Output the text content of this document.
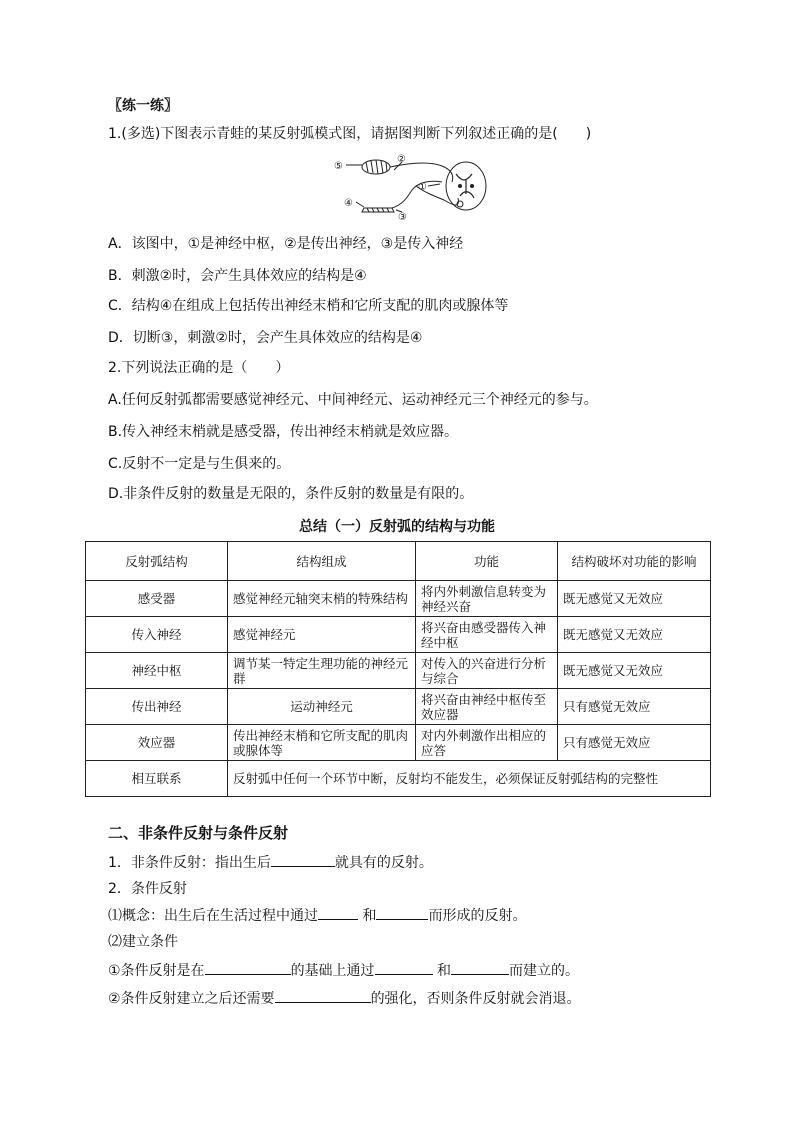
〖练一练〗
1.(多选)下图表示青蛙的某反射弧模式图，请据图判断下列叙述正确的是(　　)
⑤
②
①
④
③
A．该图中，①是神经中枢，②是传出神经，③是传入神经
B．刺激②时，会产生具体效应的结构是④
C．结构④在组成上包括传出神经末梢和它所支配的肌肉或腺体等
D．切断③，刺激②时，会产生具体效应的结构是④
2.下列说法正确的是（　　）
A.任何反射弧都需要感觉神经元、中间神经元、运动神经元三个神经元的参与。
B.传入神经末梢就是感受器，传出神经末梢就是效应器。
C.反射不一定是与生俱来的。
D.非条件反射的数量是无限的，条件反射的数量是有限的。
总结（一）反射弧的结构与功能
反射弧结构	结构组成	功能	结构破坏对功能的影响
感受器	感觉神经元轴突末梢的特殊结构	将内外刺激信息转变为神经兴奋	既无感觉又无效应
传入神经	感觉神经元	将兴奋由感受器传入神经中枢	既无感觉又无效应
神经中枢	调节某一特定生理功能的神经元群	对传入的兴奋进行分析与综合	既无感觉又无效应
传出神经	运动神经元	将兴奋由神经中枢传至效应器	只有感觉无效应
效应器	传出神经末梢和它所支配的肌肉或腺体等	对内外刺激作出相应的应答	只有感觉无效应
相互联系	反射弧中任何一个环节中断，反射均不能发生，必须保证反射弧结构的完整性		
二、非条件反射与条件反射
1．非条件反射：指出生后	就具有的反射。
2．条件反射
⑴概念：出生后在生活过程中通过	和	而形成的反射。
⑵建立条件
①条件反射是在	的基础上通过	和	而建立的。
②条件反射建立之后还需要	的强化，否则条件反射就会消退。
